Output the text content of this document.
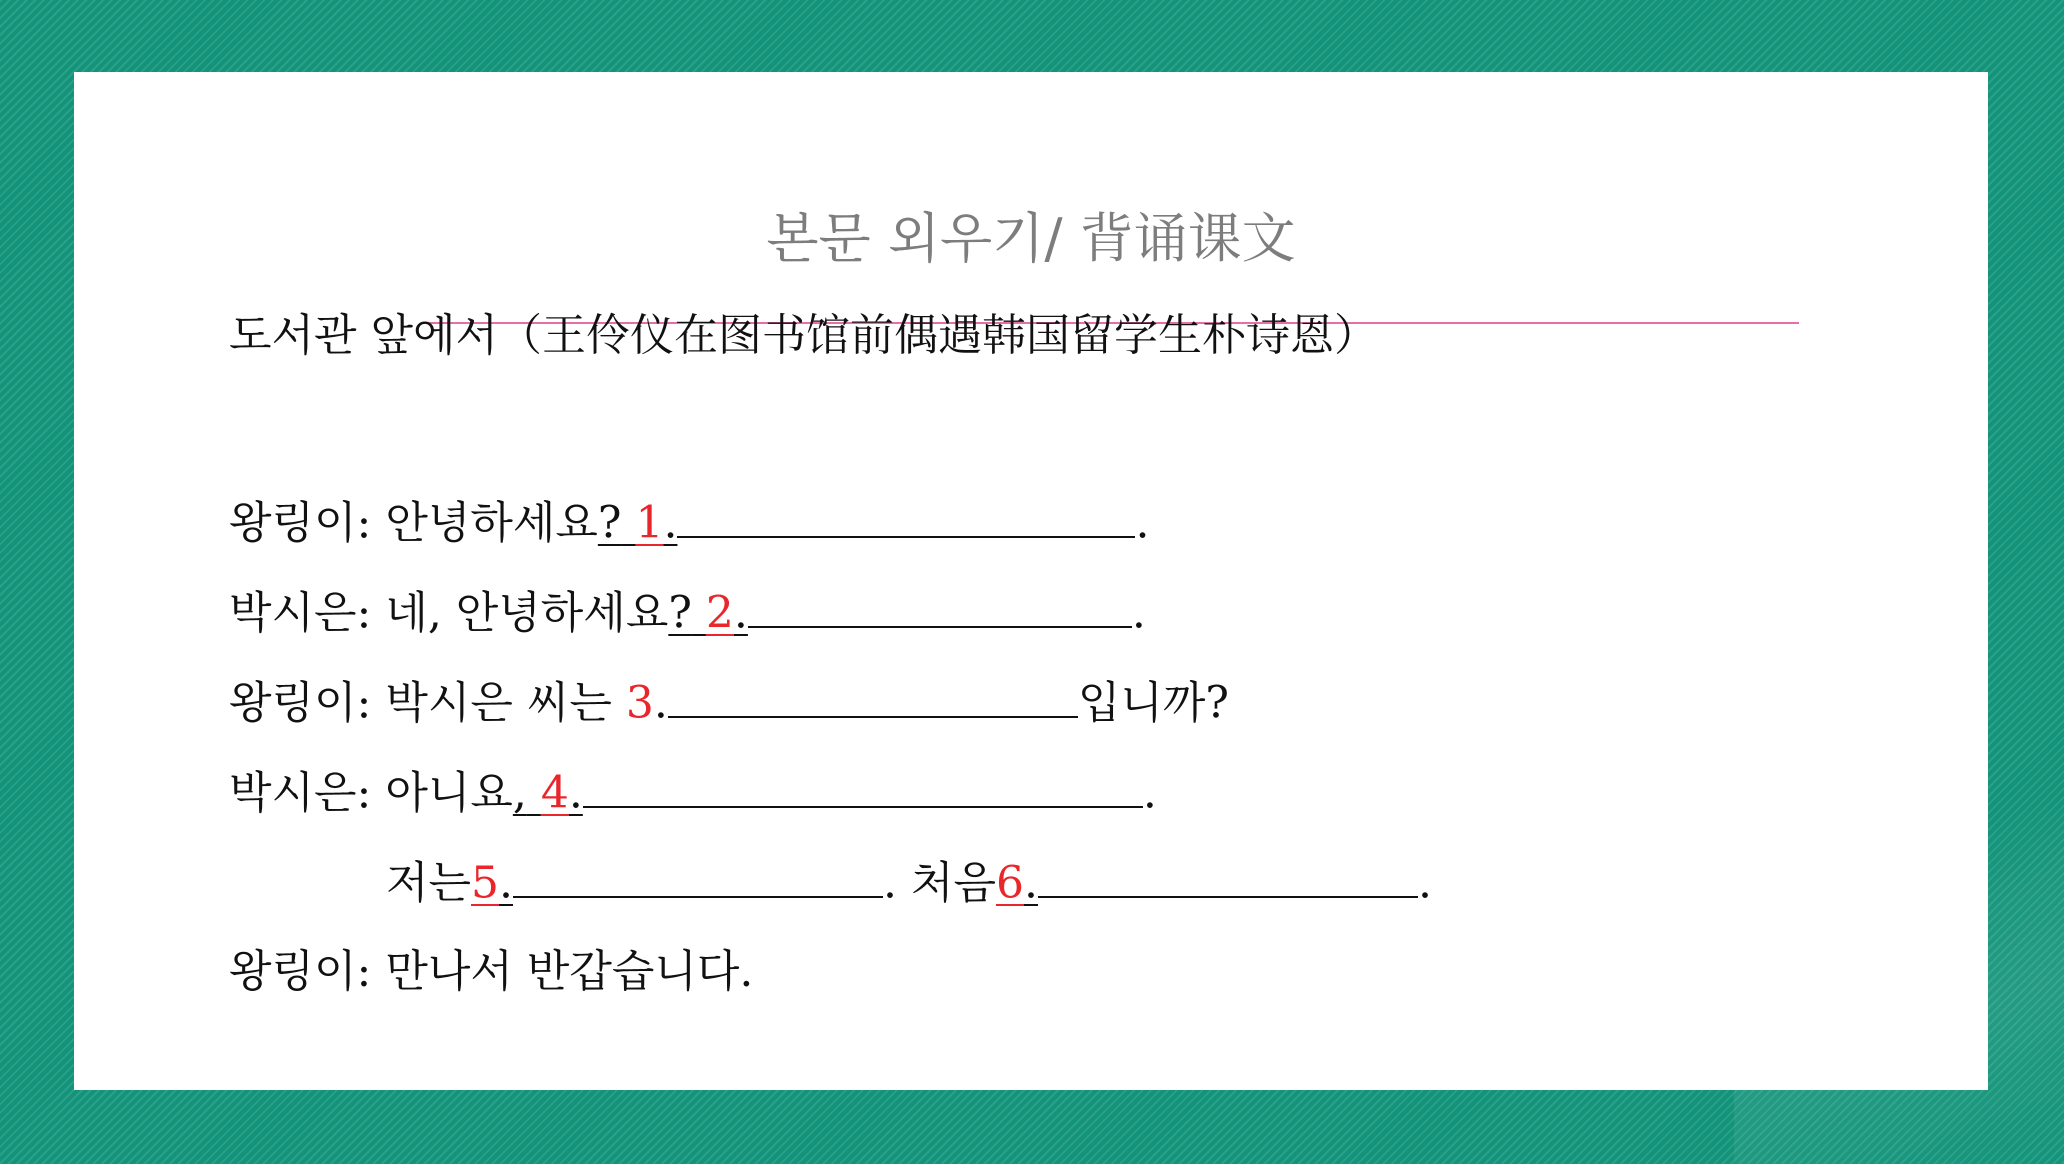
본문 외우기/ 背诵课文
도서관 앞에서（王伶仪在图书馆前偶遇韩国留学生朴诗恩）
왕링이: 안녕하세요? 1.	.
박시은: 네, 안녕하세요? 2.	.
왕링이: 박시은 씨는 3.	입니까?
박시은: 아니요, 4.	.
저는5.	. 처음6.	.
왕링이: 만나서 반갑습니다.
